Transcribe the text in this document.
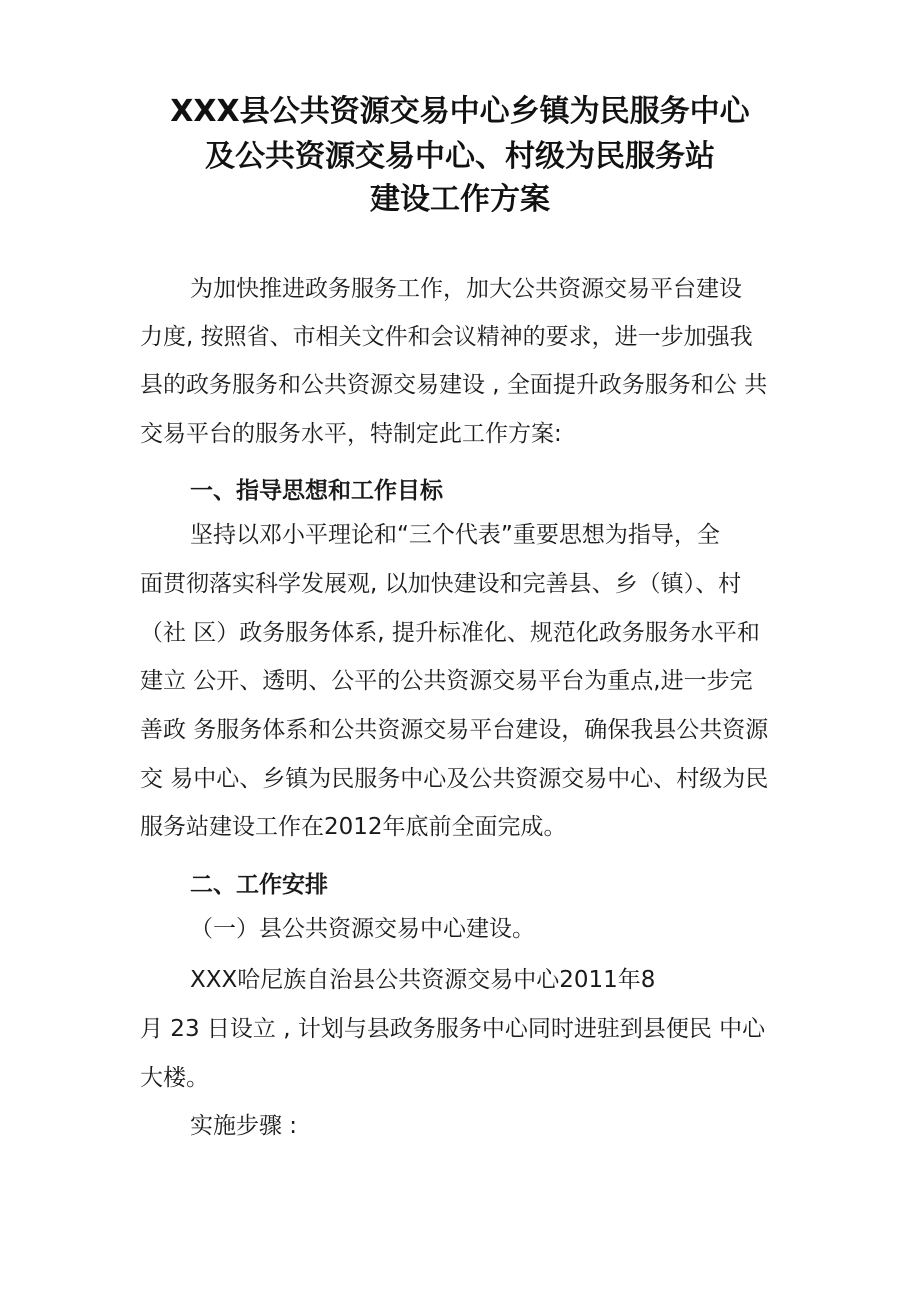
XXX县公共资源交易中心乡镇为民服务中心
及公共资源交易中心、村级为民服务站
建设工作方案
为加快推进政务服务工作，加大公共资源交易平台建设
力度, 按照省、市相关文件和会议精神的要求，进一步加强我
县的政务服务和公共资源交易建设 , 全面提升政务服务和公 共
交易平台的服务水平，特制定此工作方案:
一、指导思想和工作目标
坚持以邓小平理论和“三个代表”重要思想为指导，全
面贯彻落实科学发展观, 以加快建设和完善县、乡（镇）、村
（社 区）政务服务体系, 提升标准化、规范化政务服务水平和
建立 公开、透明、公平的公共资源交易平台为重点,进一步完
善政 务服务体系和公共资源交易平台建设，确保我县公共资源
交 易中心、乡镇为民服务中心及公共资源交易中心、村级为民
服务站建设工作在2012年底前全面完成。
二、工作安排
（一）县公共资源交易中心建设。
XXX哈尼族自治县公共资源交易中心2011年8
月 23 日设立 , 计划与县政务服务中心同时进驻到县便民 中心
大楼。
实施步骤 :
